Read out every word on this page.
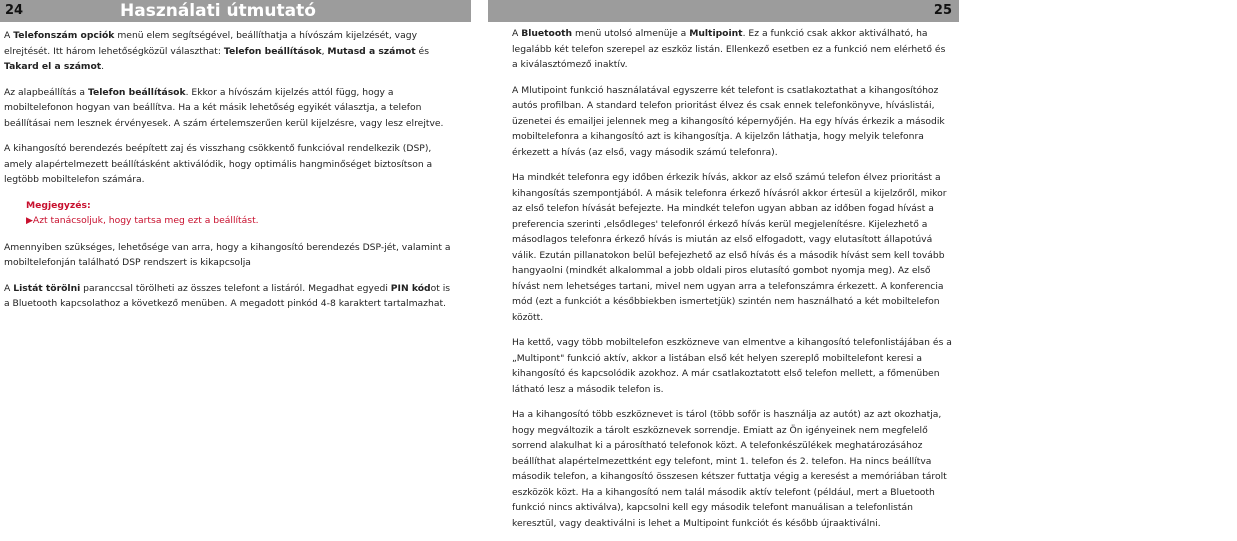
24	Használati útmutató	Használati útmutató
25

A Telefonszám opciók menü elem segítségével, beállíthatja a hívószám kijelzését, vagy elrejtését. Itt három lehetőségközül választhat: Telefon beállítások, Mutasd a számot és Takard el a számot.

Az alapbeállítás a Telefon beállítások. Ekkor a hívószám kijelzés attól függ, hogy a mobiltelefonon hogyan van beállítva. Ha a két másik lehetőség egyikét választja, a telefon beállításai nem lesznek érvényesek. A szám értelemszerűen kerül kijelzésre, vagy lesz elrejtve.

A kihangosító berendezés beépített zaj és visszhang csökkentő funkcióval rendelkezik (DSP), amely alapértelmezett beállításként aktiválódik, hogy optimális hangminőséget biztosítson a legtöbb mobiltelefon számára.

Megjegyzés:
▶Azt tanácsoljuk, hogy tartsa meg ezt a beállítást.

Amennyiben szükséges, lehetősége van arra, hogy a kihangosító berendezés DSP-jét, valamint a mobiltelefonján található DSP rendszert is kikapcsolja

A Listát törölni paranccsal törölheti az összes telefont a listáról. Megadhat egyedi PIN kódot is a Bluetooth kapcsolathoz a következő menüben. A megadott pinkód 4-8 karaktert tartalmazhat.

A Bluetooth menü utolsó almenüje a Multipoint. Ez a funkció csak akkor aktiválható, ha legalább két telefon szerepel az eszköz listán. Ellenkező esetben ez a funkció nem elérhető és a kiválasztómező inaktív.

A Mlutipoint funkció használatával egyszerre két telefont is csatlakoztathat a kihangosítóhoz autós profilban. A standard telefon prioritást élvez és csak ennek telefonkönyve, híváslistái, üzenetei és emailjei jelennek meg a kihangosító képernyőjén. Ha egy hívás érkezik a második mobiltelefonra a kihangosító azt is kihangosítja. A kijelzőn láthatja, hogy melyik telefonra érkezett a hívás (az első, vagy második számú telefonra).

Ha mindkét telefonra egy időben érkezik hívás, akkor az első számú telefon élvez prioritást a kihangosítás szempontjából. A másik telefonra érkező hívásról akkor értesül a kijelzőről, mikor az első telefon hívását befejezte. Ha mindkét telefon ugyan abban az időben fogad hívást a preferencia szerinti ‚elsődleges' telefonról érkező hívás kerül megjelenítésre. Kijelezhető a másodlagos telefonra érkező hívás is miután az első elfogadott, vagy elutasított állapotúvá válik. Ezután pillanatokon belül befejezhető az első hívás és a második hívást sem kell tovább hangyaolni (mindkét alkalommal a jobb oldali piros elutasító gombot nyomja meg). Az első hívást nem lehetséges tartani, mivel nem ugyan arra a telefonszámra érkezett. A konferencia mód (ezt a funkciót a későbbiekben ismertetjük) szintén nem használható a két mobiltelefon között.

Ha kettő, vagy több mobiltelefon eszközneve van elmentve a kihangosító telefonlistájában és a „Multipont" funkció aktív, akkor a listában első két helyen szereplő mobiltelefont keresi a kihangosító és kapcsolódik azokhoz. A már csatlakoztatott első telefon mellett, a főmenüben látható lesz a második telefon is.

Ha a kihangosító több eszköznevet is tárol (több sofőr is használja az autót) az azt okozhatja, hogy megváltozik a tárolt eszköznevek sorrendje. Emiatt az Ön igényeinek nem megfelelő sorrend alakulhat ki a párosítható telefonok közt. A telefonkészülékek meghatározásához beállíthat alapértelmezettként egy telefont, mint 1. telefon és 2. telefon. Ha nincs beállítva második telefon, a kihangosító összesen kétszer futtatja végig a keresést a memóriában tárolt eszközök közt. Ha a kihangosító nem talál második aktív telefont (például, mert a Bluetooth funkció nincs aktiválva), kapcsolni kell egy második telefont manuálisan a telefonlistán keresztül, vagy deaktiválni is lehet a Multipoint funkciót és később újraaktiválni.
